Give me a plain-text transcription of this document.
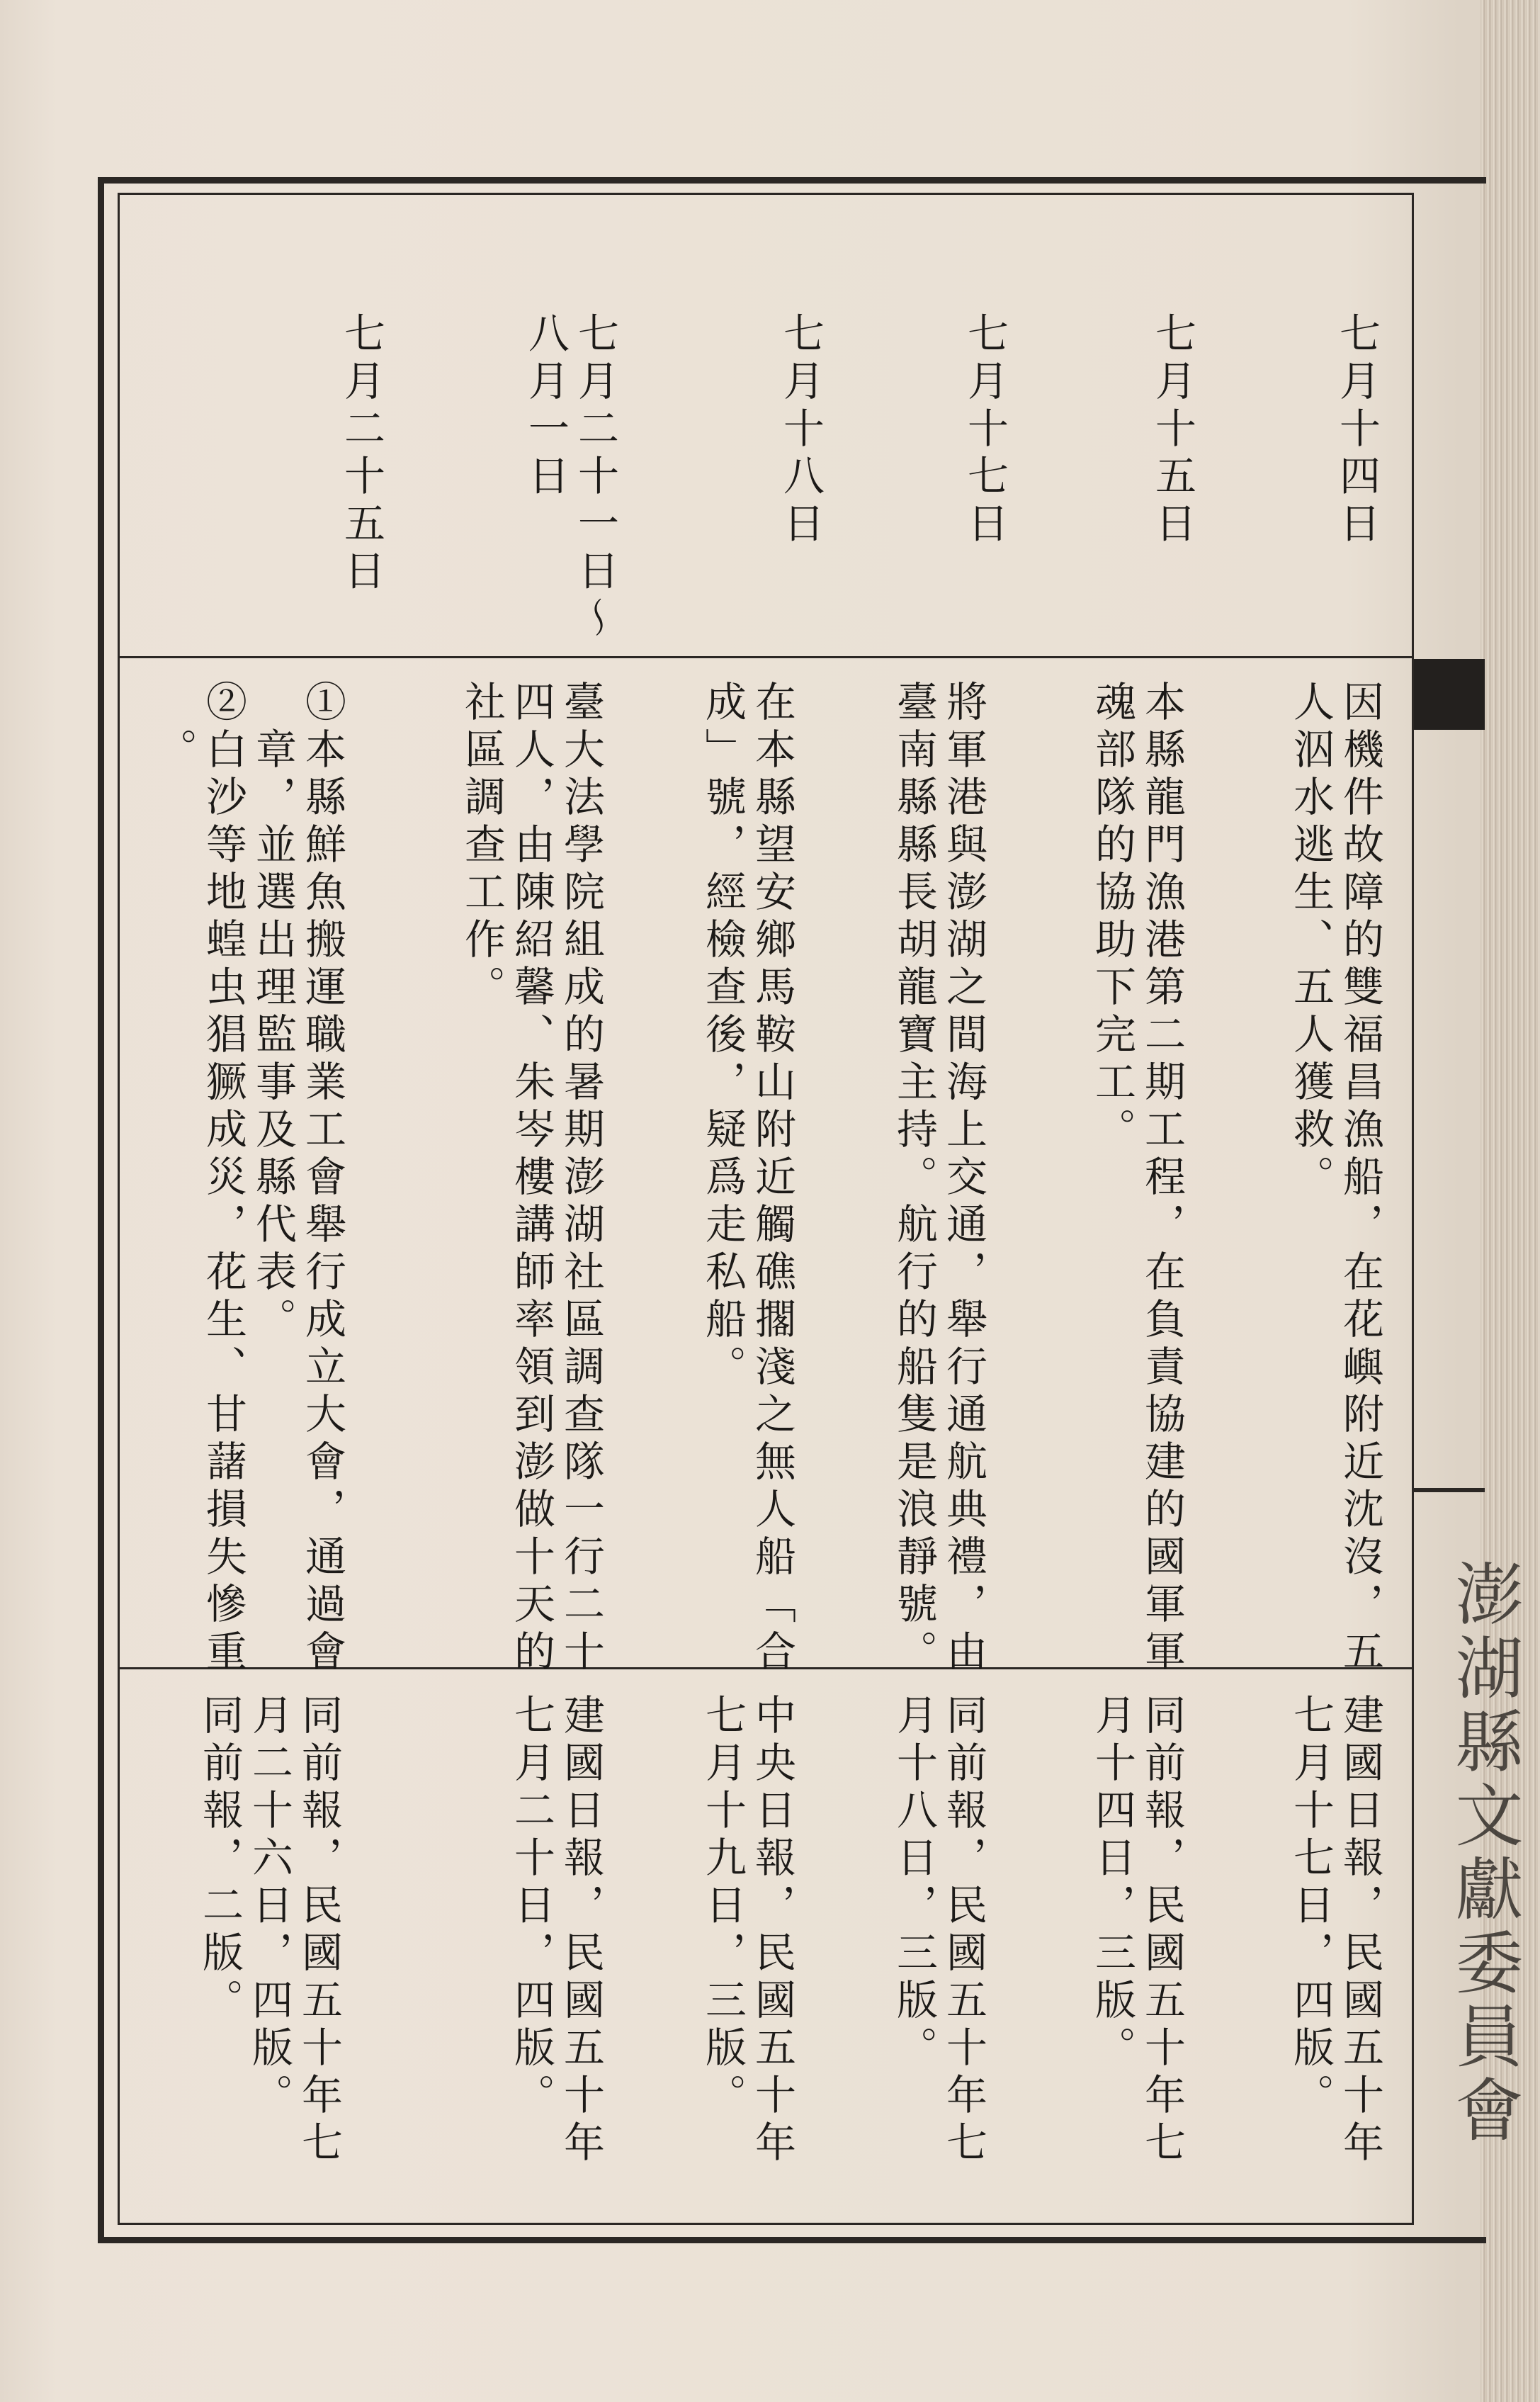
澎湖縣文獻委員會
七月十四日
因機件故障的雙福昌漁船，在花嶼附近沈沒，五
人泅水逃生、五人獲救。
建國日報，民國五十年
七月十七日，四版。
七月十五日
本縣龍門漁港第二期工程，在負責協建的國軍軍
魂部隊的協助下完工。
同前報，民國五十年七
月十四日，三版。
七月十七日
將軍港與澎湖之間海上交通，舉行通航典禮，由
臺南縣縣長胡龍寶主持。航行的船隻是浪靜號。
同前報，民國五十年七
月十八日，三版。
七月十八日
在本縣望安鄉馬鞍山附近觸礁擱淺之無人船「合
成」號，經檢查後，疑爲走私船。
中央日報，民國五十年
七月十九日，三版。
七月二十一日～
八月一日
臺大法學院組成的暑期澎湖社區調查隊一行二十
四人，由陳紹馨、朱岑樓講師率領到澎做十天的
社區調查工作。
建國日報，民國五十年
七月二十日，四版。
七月二十五日
①本縣鮮魚搬運職業工會舉行成立大會，通過會
　章，並選出理監事及縣代表。
②白沙等地蝗虫猖獗成災，花生、甘藷損失慘重
　。
同前報，民國五十年七
月二十六日，四版。
同前報，二版。
